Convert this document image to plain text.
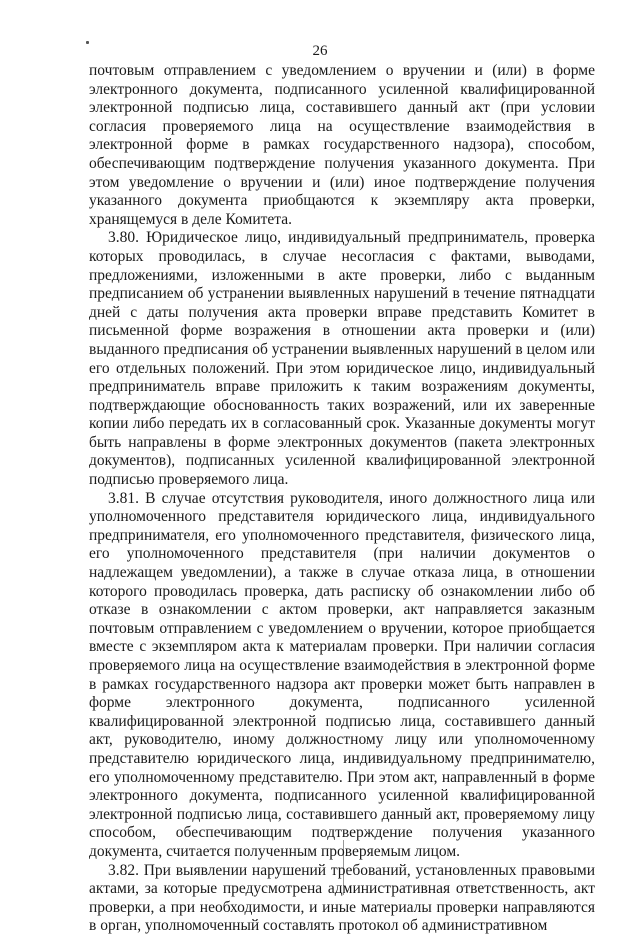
26

почтовым отправлением с уведомлением о вручении и (или) в форме электронного документа, подписанного усиленной квалифицированной электронной подписью лица, составившего данный акт (при условии согласия проверяемого лица на осуществление взаимодействия в электронной форме в рамках государственного надзора), способом, обеспечивающим подтверждение получения указанного документа. При этом уведомление о вручении и (или) иное подтверждение получения указанного документа приобщаются к экземпляру акта проверки, хранящемуся в деле Комитета.

3.80. Юридическое лицо, индивидуальный предприниматель, проверка которых проводилась, в случае несогласия с фактами, выводами, предложениями, изложенными в акте проверки, либо с выданным предписанием об устранении выявленных нарушений в течение пятнадцати дней с даты получения акта проверки вправе представить Комитет в письменной форме возражения в отношении акта проверки и (или) выданного предписания об устранении выявленных нарушений в целом или его отдельных положений. При этом юридическое лицо, индивидуальный предприниматель вправе приложить к таким возражениям документы, подтверждающие обоснованность таких возражений, или их заверенные копии либо передать их в согласованный срок. Указанные документы могут быть направлены в форме электронных документов (пакета электронных документов), подписанных усиленной квалифицированной электронной подписью проверяемого лица.

3.81. В случае отсутствия руководителя, иного должностного лица или уполномоченного представителя юридического лица, индивидуального предпринимателя, его уполномоченного представителя, физического лица, его уполномоченного представителя (при наличии документов о надлежащем уведомлении), а также в случае отказа лица, в отношении которого проводилась проверка, дать расписку об ознакомлении либо об отказе в ознакомлении с актом проверки, акт направляется заказным почтовым отправлением с уведомлением о вручении, которое приобщается вместе с экземпляром акта к материалам проверки. При наличии согласия проверяемого лица на осуществление взаимодействия в электронной форме в рамках государственного надзора акт проверки может быть направлен в форме электронного документа, подписанного усиленной квалифицированной электронной подписью лица, составившего данный акт, руководителю, иному должностному лицу или уполномоченному представителю юридического лица, индивидуальному предпринимателю, его уполномоченному представителю. При этом акт, направленный в форме электронного документа, подписанного усиленной квалифицированной электронной подписью лица, составившего данный акт, проверяемому лицу способом, обеспечивающим подтверждение получения указанного документа, считается полученным проверяемым лицом.

3.82. При выявлении нарушений требований, установленных правовыми актами, за которые предусмотрена административная ответственность, акт проверки, а при необходимости, и иные материалы проверки направляются в орган, уполномоченный составлять протокол об административном
